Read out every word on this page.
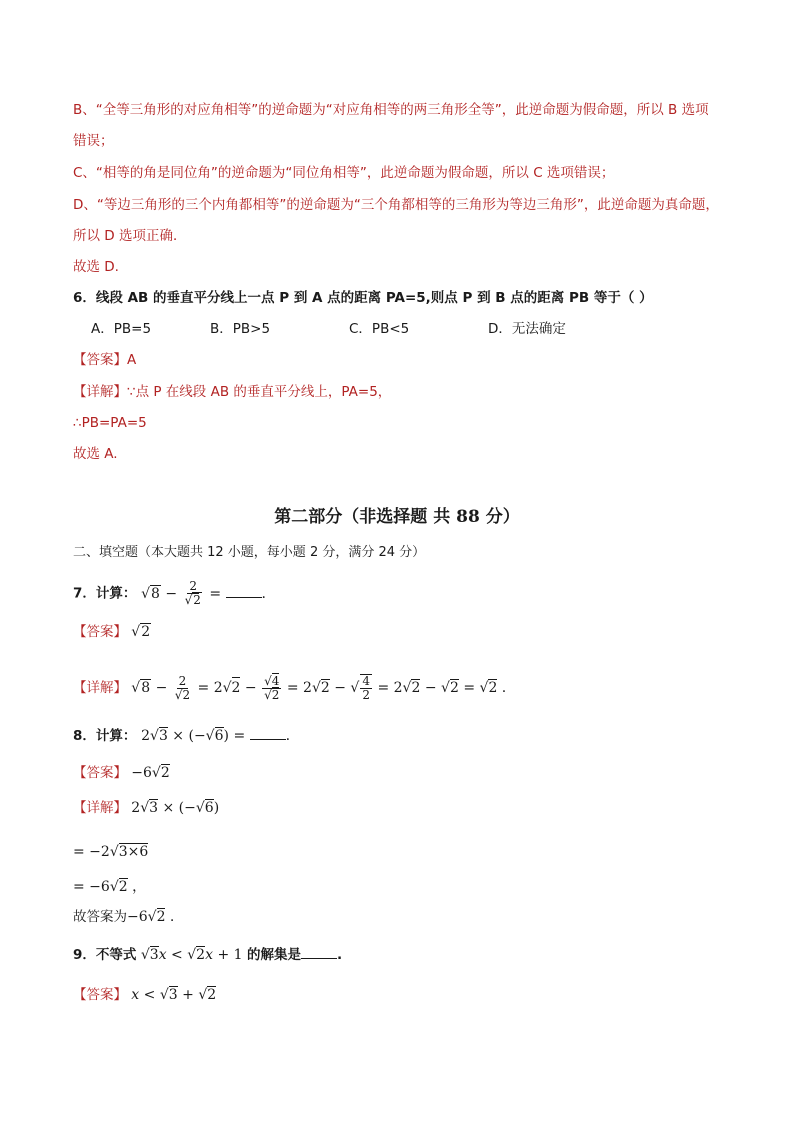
B、“全等三角形的对应角相等”的逆命题为“对应角相等的两三角形全等”，此逆命题为假命题，所以 B 选项
错误；
C、“相等的角是同位角”的逆命题为“同位角相等”，此逆命题为假命题，所以 C 选项错误；
D、“等边三角形的三个内角都相等”的逆命题为“三个角都相等的三角形为等边三角形”，此逆命题为真命题，
所以 D 选项正确．
故选 D.
6．线段 AB 的垂直平分线上一点 P 到 A 点的距离 PA=5,则点 P 到 B 点的距离 PB 等于（ ）
A．PB=5	B．PB>5	C．PB<5	D．无法确定
【答案】A
【详解】∵点 P 在线段 AB 的垂直平分线上，PA=5，
∴PB=PA=5
故选 A.
第二部分（非选择题 共 88 分）
二、填空题（本大题共 12 小题，每小题 2 分，满分 24 分）
7．计算： $√8 - \frac{2}{√2}$ =	.
【答案】 √2
【详解】 $√8 - \frac{2}{√2} = 2√2 - \frac{√4}{√2} = 2√2$ − √ $\frac{4}{2} = 2√2 - √2 = √2$ .
8．计算： 2√3 × (−√6) =	.
【答案】 −6√2
【详解】 2√3 × (−√6)
= −2√3×6
= −6√2 ，
故答案为−6√2 .
9．不等式 √3x < √2x + 1 的解集是	.
【答案】 x < √3 + √2
